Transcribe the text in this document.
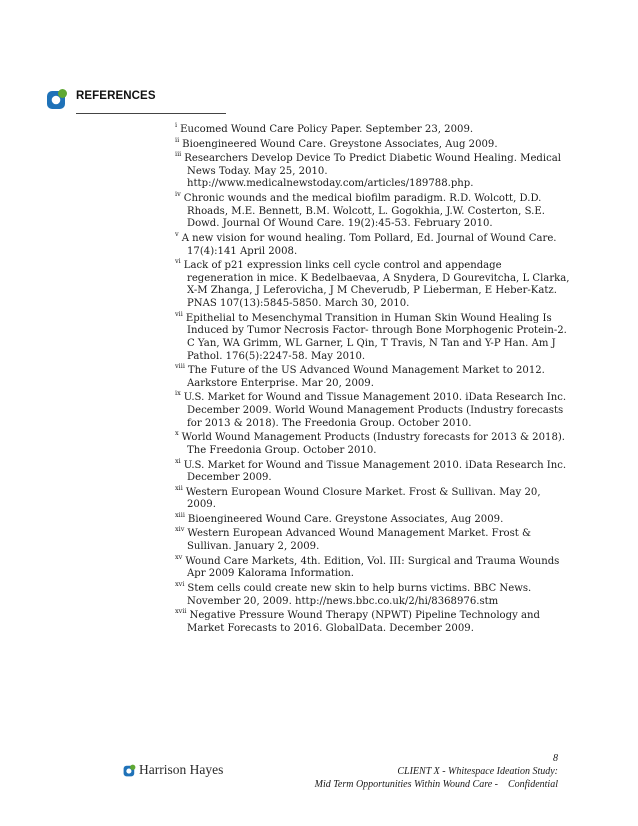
REFERENCES
$^i$ Eucomed Wound Care Policy Paper. September 23, 2009.
$^{ii}$ Bioengineered Wound Care. Greystone Associates, Aug 2009.
$^{iii}$ Researchers Develop Device To Predict Diabetic Wound Healing. Medical News Today. May 25, 2010. http://www.medicalnewstoday.com/articles/189788.php.
$^{iv}$ Chronic wounds and the medical biofilm paradigm. R.D. Wolcott, D.D. Rhoads, M.E. Bennett, B.M. Wolcott, L. Gogokhia, J.W. Costerton, S.E. Dowd. Journal Of Wound Care. 19(2):45-53. February 2010.
$^v$ A new vision for wound healing. Tom Pollard, Ed. Journal of Wound Care. 17(4):141 April 2008.
$^{vi}$ Lack of p21 expression links cell cycle control and appendage regeneration in mice. K Bedelbaevaa, A Snydera, D Gourevitcha, L Clarka, X-M Zhanga, J Leferovicha, J M Cheverudb, P Lieberman, E Heber-Katz. PNAS 107(13):5845-5850. March 30, 2010.
$^{vii}$ Epithelial to Mesenchymal Transition in Human Skin Wound Healing Is Induced by Tumor Necrosis Factor- through Bone Morphogenic Protein-2. C Yan, WA Grimm, WL Garner, L Qin, T Travis, N Tan and Y-P Han. Am J Pathol. 176(5):2247-58. May 2010.
$^{viii}$ The Future of the US Advanced Wound Management Market to 2012. Aarkstore Enterprise. Mar 20, 2009.
$^{ix}$ U.S. Market for Wound and Tissue Management 2010. iData Research Inc. December 2009. World Wound Management Products (Industry forecasts for 2013 & 2018). The Freedonia Group. October 2010.
$^x$ World Wound Management Products (Industry forecasts for 2013 & 2018). The Freedonia Group. October 2010.
$^{xi}$ U.S. Market for Wound and Tissue Management 2010. iData Research Inc. December 2009.
$^{xii}$ Western European Wound Closure Market. Frost & Sullivan. May 20, 2009.
$^{xiii}$ Bioengineered Wound Care. Greystone Associates, Aug 2009.
$^{xiv}$ Western European Advanced Wound Management Market. Frost & Sullivan. January 2, 2009.
$^{xv}$ Wound Care Markets, 4th. Edition, Vol. III: Surgical and Trauma Wounds Apr 2009 Kalorama Information.
$^{xvi}$ Stem cells could create new skin to help burns victims. BBC News. November 20, 2009. http://news.bbc.co.uk/2/hi/8368976.stm
$^{xvii}$ Negative Pressure Wound Therapy (NPWT) Pipeline Technology and Market Forecasts to 2016. GlobalData. December 2009.
Harrison Hayes
8
CLIENT X - Whitespace Ideation Study:
Mid Term Opportunities Within Wound Care -    Confidential
